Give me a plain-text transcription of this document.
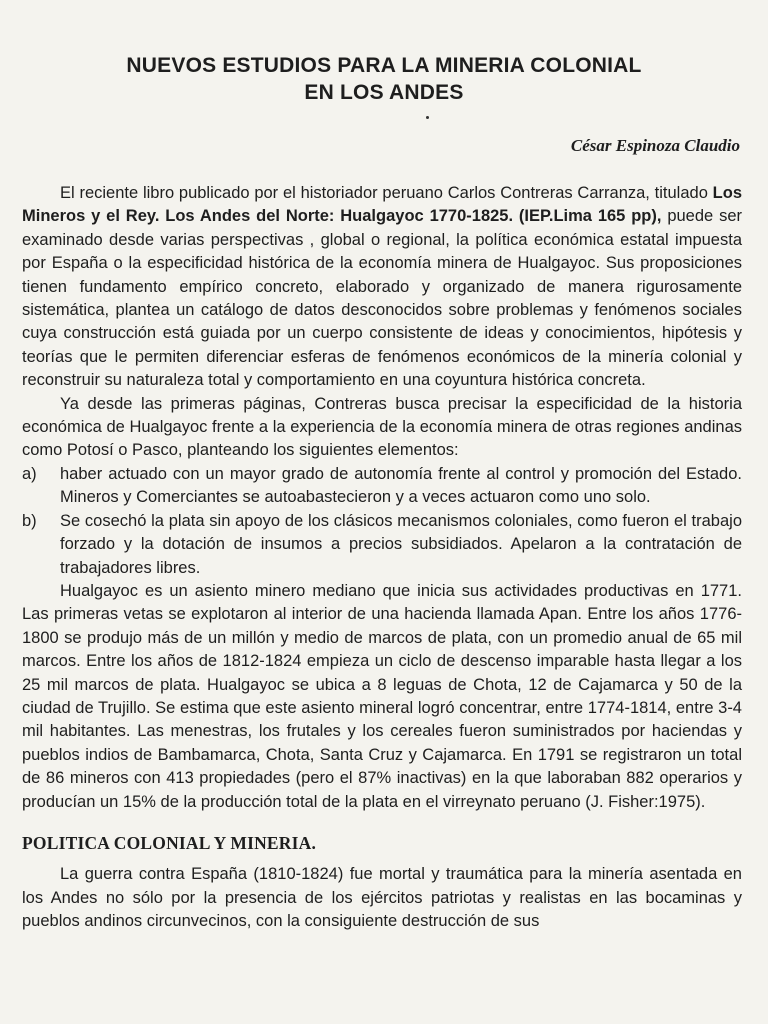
NUEVOS ESTUDIOS PARA LA MINERIA COLONIAL
EN LOS ANDES
César Espinoza Claudio

El reciente libro publicado por el historiador peruano Carlos Contreras Carranza, titulado Los Mineros y el Rey. Los Andes del Norte: Hualgayoc 1770-1825. (IEP.Lima 165 pp), puede ser examinado desde varias perspectivas , global o regional, la política económica estatal impuesta por España o la especificidad histórica de la economía minera de Hualgayoc. Sus proposiciones tienen fundamento empírico concreto, elaborado y organizado de manera rigurosamente sistemática, plantea un catálogo de datos desconocidos sobre problemas y fenómenos sociales cuya construcción está guiada por un cuerpo consistente de ideas y conocimientos, hipótesis y teorías que le permiten diferenciar esferas de fenómenos económicos de la minería colonial y reconstruir su naturaleza total y comportamiento en una coyuntura histórica concreta.

Ya desde las primeras páginas, Contreras busca precisar la especificidad de la historia económica de Hualgayoc frente a la experiencia de la economía minera de otras regiones andinas como Potosí o Pasco, planteando los siguientes elementos:

a) haber actuado con un mayor grado de autonomía frente al control y promoción del Estado. Mineros y Comerciantes se autoabastecieron y a veces actuaron como uno solo.
b) Se cosechó la plata sin apoyo de los clásicos mecanismos coloniales, como fueron el trabajo forzado y la dotación de insumos a precios subsidiados. Apelaron a la contratación de trabajadores libres.

Hualgayoc es un asiento minero mediano que inicia sus actividades productivas en 1771. Las primeras vetas se explotaron al interior de una hacienda llamada Apan. Entre los años 1776-1800 se produjo más de un millón y medio de marcos de plata, con un promedio anual de 65 mil marcos. Entre los años de 1812-1824 empieza un ciclo de descenso imparable hasta llegar a los 25 mil marcos de plata. Hualgayoc se ubica a 8 leguas de Chota, 12 de Cajamarca y 50 de la ciudad de Trujillo. Se estima que este asiento mineral logró concentrar, entre 1774-1814, entre 3-4 mil habitantes. Las menestras, los frutales y los cereales fueron suministrados por haciendas y pueblos indios de Bambamarca, Chota, Santa Cruz y Cajamarca. En 1791 se registraron un total de 86 mineros con 413 propiedades (pero el 87% inactivas) en la que laboraban 882 operarios y producían un 15% de la producción total de la plata en el virreynato peruano (J. Fisher:1975).

POLITICA COLONIAL Y MINERIA.

La guerra contra España (1810-1824) fue mortal y traumática para la minería asentada en los Andes no sólo por la presencia de los ejércitos patriotas y realistas en las bocaminas y pueblos andinos circunvecinos, con la consiguiente destrucción de sus
